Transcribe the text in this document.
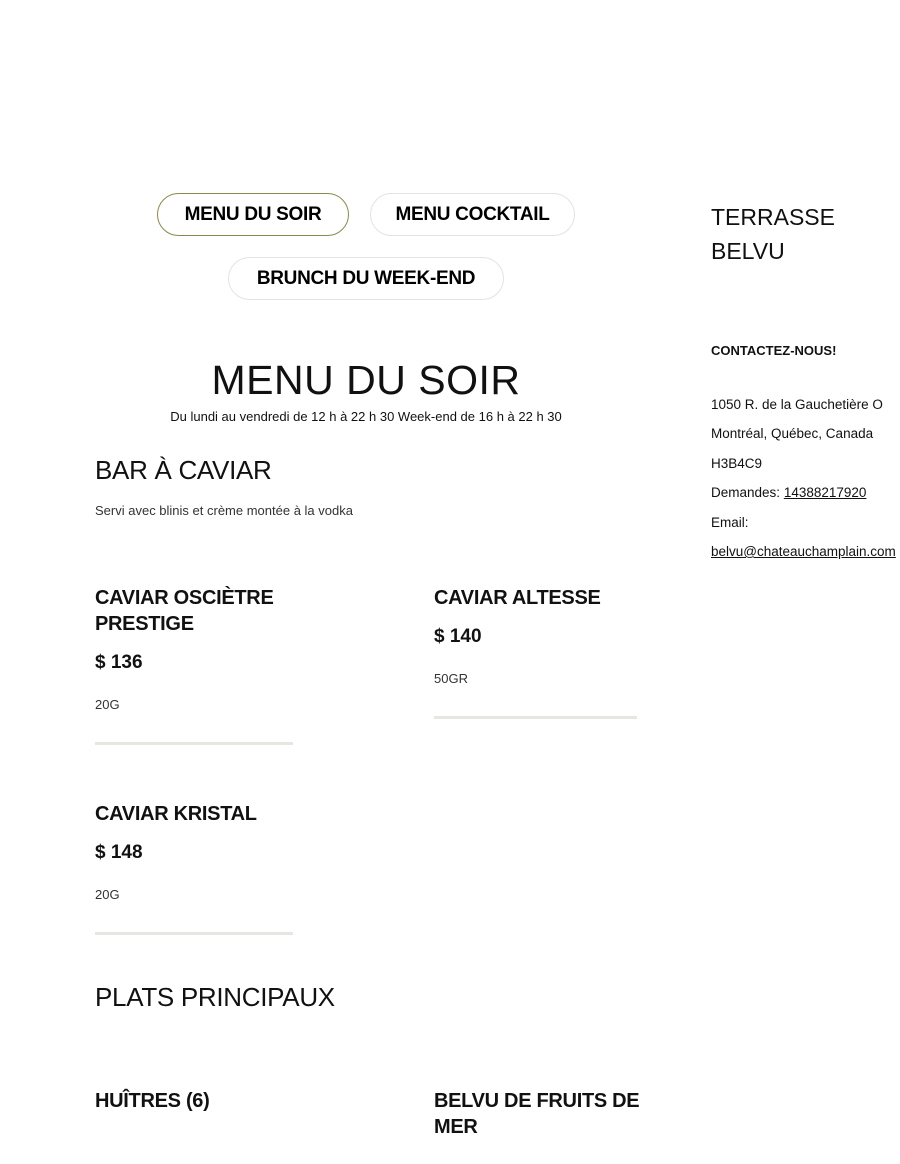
MENU DU SOIR	MENU COCKTAIL
BRUNCH DU WEEK-END
MENU DU SOIR
Du lundi au vendredi de 12 h à 22 h 30 Week-end de 16 h à 22 h 30
BAR À CAVIAR
Servi avec blinis et crème montée à la vodka
CAVIAR OSCIÈTRE PRESTIGE
$ 136
20G
CAVIAR ALTESSE
$ 140
50GR
CAVIAR KRISTAL
$ 148
20G
PLATS PRINCIPAUX
HUÎTRES (6)	BELVU DE FRUITS DE MER
TERRASSE BELVU
CONTACTEZ-NOUS!
1050 R. de la Gauchetière O
Montréal, Québec, Canada
H3B4C9
Demandes: 14388217920
Email:
belvu@chateauchamplain.com
